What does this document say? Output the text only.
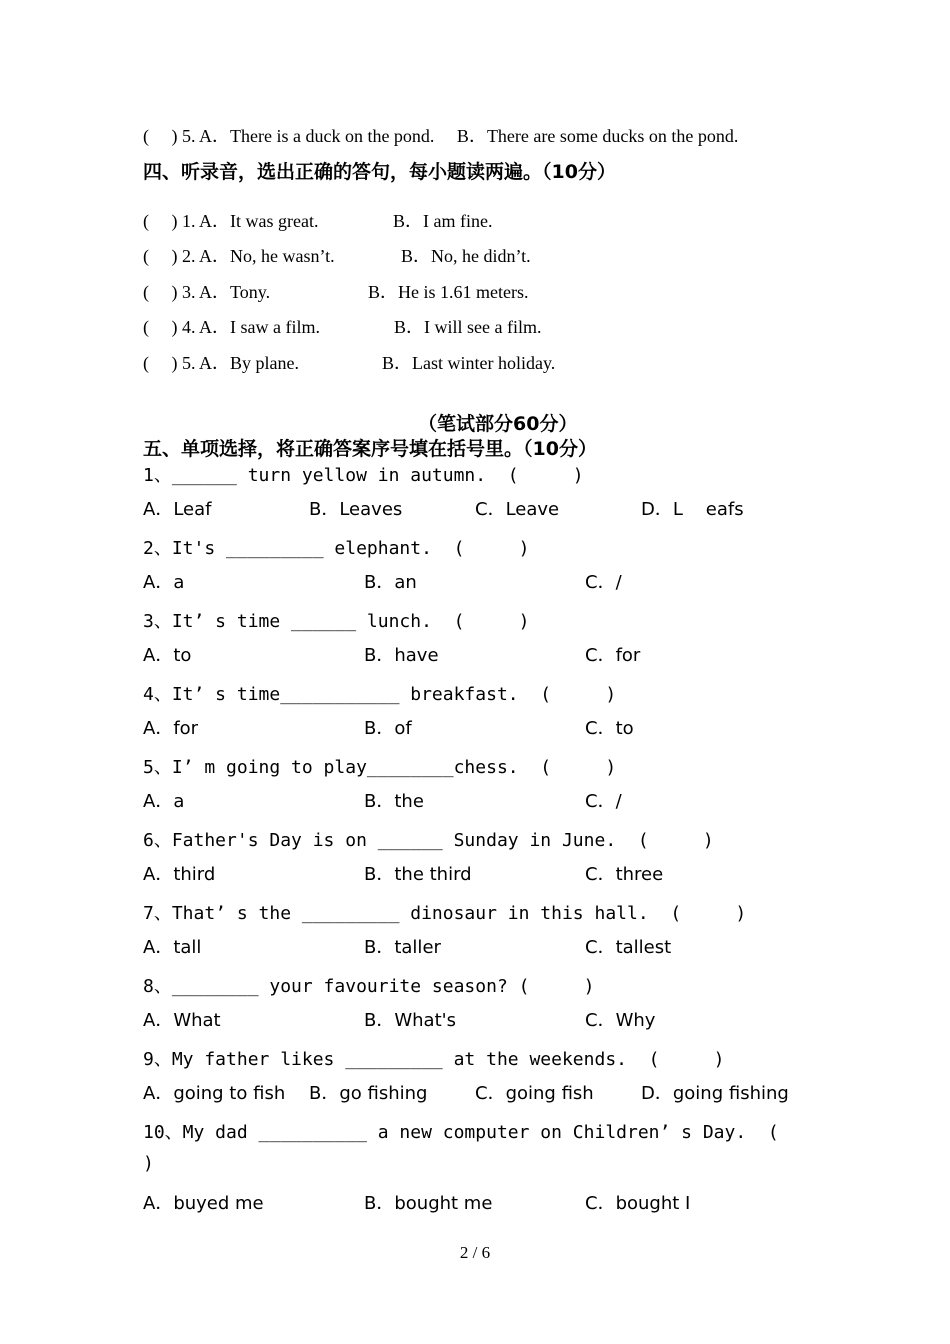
(     ) 5. A．There is a duck on the pond.     B．There are some ducks on the pond.
四、听录音，选出正确的答句，每小题读两遍。（10分）
(     ) 1. A．It was great.	B．I am fine.
(     ) 2. A．No, he wasn’t.	B．No, he didn’t.
(     ) 3. A．Tony.	B．He is 1.61 meters.
(     ) 4. A．I saw a film.	B．I will see a film.
(     ) 5. A．By plane.	B．Last winter holiday.
（笔试部分60分）
五、单项选择，将正确答案序号填在括号里。（10分）
1、______ turn yellow in autumn.  (     )
A．Leaf	B．Leaves	C．Leave	D．L    eafs
2、It's _________ elephant.  (     )
A．a	B．an	C．/
3、It’ s time ______ lunch.  (     )
A．to	B．have	C．for
4、It’ s time___________ breakfast.  (     )
A．for	B．of	C．to
5、I’ m going to play________chess.  (     )
A．a	B．the	C．/
6、Father's Day is on ______ Sunday in June.  (     )
A．third	B．the third	C．three
7、That’ s the _________ dinosaur in this hall.  (     )
A．tall	B．taller	C．tallest
8、________ your favourite season? (     )
A．What	B．What's	C．Why
9、My father likes _________ at the weekends.  (     )
A．going to fish B．go fishing	C．going fish	D．going fishing
10、My dad __________ a new computer on Children’ s Day.  (
)
A．buyed me	B．bought me	C．bought I
2 / 6
